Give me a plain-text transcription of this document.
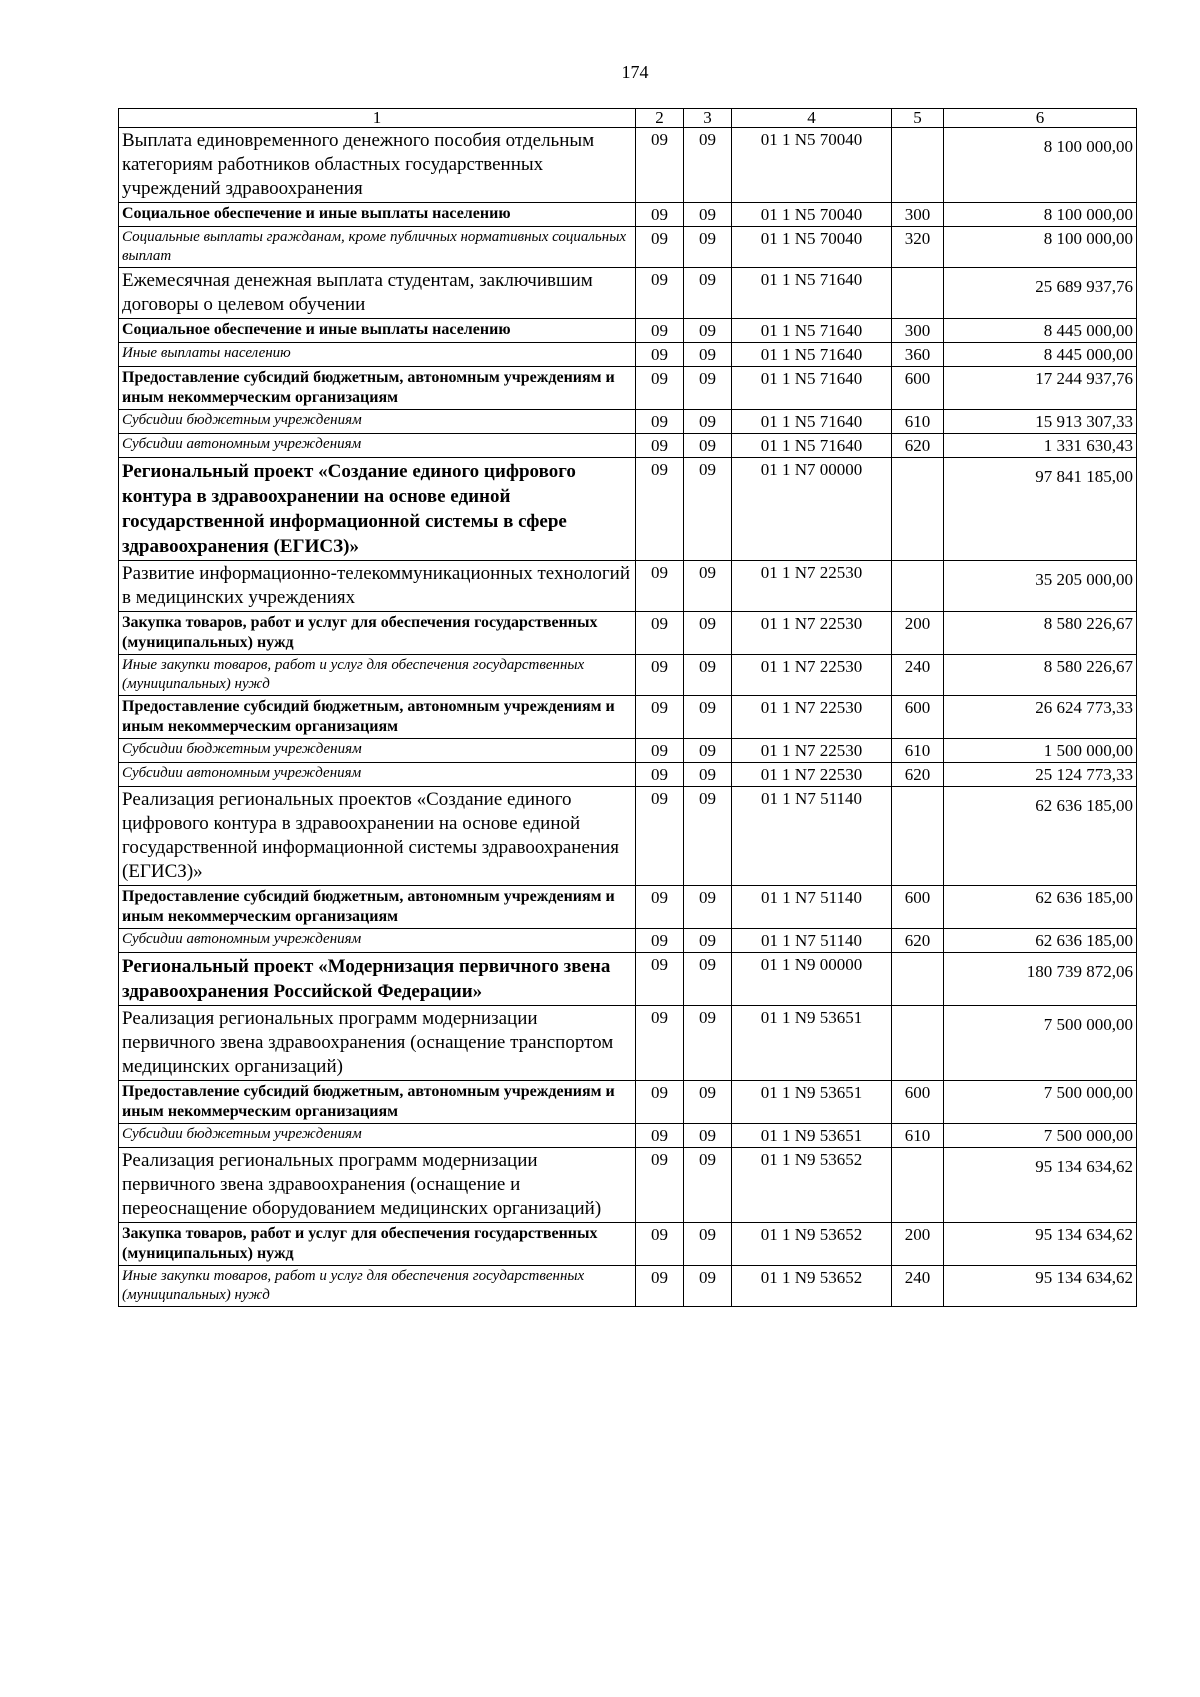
174
1	2	3	4	5	6
Выплата единовременного денежного пособия отдельным категориям работников областных государственных учреждений здравоохранения	09	09	01 1 N5 70040		8 100 000,00
Социальное обеспечение и иные выплаты населению	09	09	01 1 N5 70040	300	8 100 000,00
Социальные выплаты гражданам, кроме публичных нормативных социальных выплат	09	09	01 1 N5 70040	320	8 100 000,00
Ежемесячная денежная выплата студентам, заключившим договоры о целевом обучении	09	09	01 1 N5 71640		25 689 937,76
Социальное обеспечение и иные выплаты населению	09	09	01 1 N5 71640	300	8 445 000,00
Иные выплаты населению	09	09	01 1 N5 71640	360	8 445 000,00
Предоставление субсидий бюджетным, автономным учреждениям и иным некоммерческим организациям	09	09	01 1 N5 71640	600	17 244 937,76
Субсидии бюджетным учреждениям	09	09	01 1 N5 71640	610	15 913 307,33
Субсидии автономным учреждениям	09	09	01 1 N5 71640	620	1 331 630,43
Региональный проект «Создание единого цифрового контура в здравоохранении на основе единой государственной информационной системы в сфере здравоохранения (ЕГИСЗ)»	09	09	01 1 N7 00000		97 841 185,00
Развитие информационно-телекоммуникационных технологий в медицинских учреждениях	09	09	01 1 N7 22530		35 205 000,00
Закупка товаров, работ и услуг для обеспечения государственных (муниципальных) нужд	09	09	01 1 N7 22530	200	8 580 226,67
Иные закупки товаров, работ и услуг для обеспечения государственных (муниципальных) нужд	09	09	01 1 N7 22530	240	8 580 226,67
Предоставление субсидий бюджетным, автономным учреждениям и иным некоммерческим организациям	09	09	01 1 N7 22530	600	26 624 773,33
Субсидии бюджетным учреждениям	09	09	01 1 N7 22530	610	1 500 000,00
Субсидии автономным учреждениям	09	09	01 1 N7 22530	620	25 124 773,33
Реализация региональных проектов «Создание единого цифрового контура в здравоохранении на основе единой государственной информационной системы здравоохранения (ЕГИСЗ)»	09	09	01 1 N7 51140		62 636 185,00
Предоставление субсидий бюджетным, автономным учреждениям и иным некоммерческим организациям	09	09	01 1 N7 51140	600	62 636 185,00
Субсидии автономным учреждениям	09	09	01 1 N7 51140	620	62 636 185,00
Региональный проект «Модернизация первичного звена здравоохранения Российской Федерации»	09	09	01 1 N9 00000		180 739 872,06
Реализация региональных программ модернизации первичного звена здравоохранения (оснащение транспортом медицинских организаций)	09	09	01 1 N9 53651		7 500 000,00
Предоставление субсидий бюджетным, автономным учреждениям и иным некоммерческим организациям	09	09	01 1 N9 53651	600	7 500 000,00
Субсидии бюджетным учреждениям	09	09	01 1 N9 53651	610	7 500 000,00
Реализация региональных программ модернизации первичного звена здравоохранения (оснащение и переоснащение оборудованием медицинских организаций)	09	09	01 1 N9 53652		95 134 634,62
Закупка товаров, работ и услуг для обеспечения государственных (муниципальных) нужд	09	09	01 1 N9 53652	200	95 134 634,62
Иные закупки товаров, работ и услуг для обеспечения государственных (муниципальных) нужд	09	09	01 1 N9 53652	240	95 134 634,62
